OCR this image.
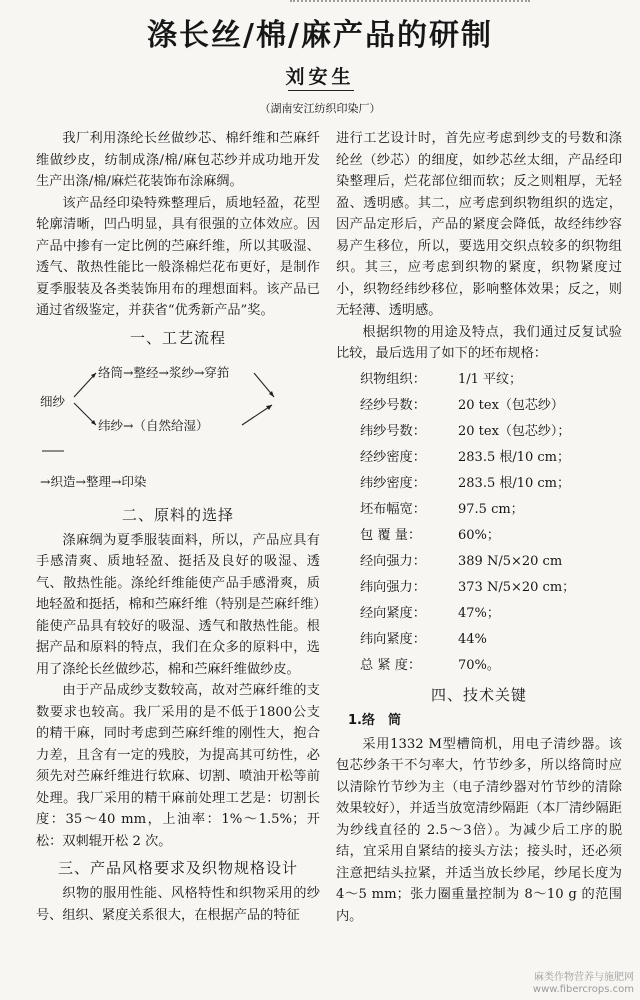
涤长丝/棉/麻产品的研制

刘安生

（湖南安江纺织印染厂）

我厂利用涤纶长丝做纱芯、棉纤维和苎麻纤维做纱皮，纺制成涤/棉/麻包芯纱并成功地开发生产出涤/棉/麻烂花装饰布涂麻绸。

该产品经印染特殊整理后，质地轻盈，花型轮廓清晰，凹凸明显，具有很强的立体效应。因产品中掺有一定比例的苎麻纤维，所以其吸湿、透气、散热性能比一般涤棉烂花布更好，是制作夏季服装及各类装饰用布的理想面料。该产品已通过省级鉴定，并获省“优秀新产品”奖。

一、工艺流程
细纱
络筒→整经→浆纱→穿筘
纬纱→（自然给湿）
→织造→整理→印染
二、原料的选择

涤麻绸为夏季服装面料，所以，产品应具有手感清爽、质地轻盈、挺括及良好的吸湿、透气、散热性能。涤纶纤维能使产品手感滑爽，质地轻盈和挺括，棉和苎麻纤维（特别是苎麻纤维）能使产品具有较好的吸湿、透气和散热性能。根据产品和原料的特点，我们在众多的原料中，选用了涤纶长丝做纱芯，棉和苎麻纤维做纱皮。

由于产品成纱支数较高，故对苎麻纤维的支数要求也较高。我厂采用的是不低于1800公支的精干麻，同时考虑到苎麻纤维的刚性大，抱合力差，且含有一定的残胶，为提高其可纺性，必须先对苎麻纤维进行软麻、切割、喷油开松等前处理。我厂采用的精干麻前处理工艺是：切割长度：35～40 mm，上油率：1%～1.5%；开松：双刺辊开松 2 次。

三、产品风格要求及织物规格设计

织物的服用性能、风格特性和织物采用的纱号、组织、紧度关系很大，在根据产品的特征

进行工艺设计时，首先应考虑到纱支的号数和涤纶丝（纱芯）的细度，如纱芯丝太细，产品经印染整理后，烂花部位细而软；反之则粗厚，无轻盈、透明感。其二，应考虑到织物组织的选定，因产品定形后，产品的紧度会降低，故经纬纱容易产生移位，所以，要选用交织点较多的织物组织。其三，应考虑到织物的紧度，织物紧度过小，织物经纬纱移位，影响整体效果；反之，则无轻薄、透明感。

根据织物的用途及特点，我们通过反复试验比较，最后选用了如下的坯布规格：

织物组织：	1/1 平纹；
经纱号数：	20 tex（包芯纱）
纬纱号数：	20 tex（包芯纱）；
经纱密度：	283.5 根/10 cm；
纬纱密度：	283.5 根/10 cm；
坯布幅宽：	97.5 cm；
包 覆 量：	60%；
经向强力：	389 N/5×20 cm
纬向强力：	373 N/5×20 cm；
经向紧度：	47%；
纬向紧度：	44%
总 紧 度：	70%。
四、技术关键
1.络　筒

采用1332 M型槽筒机，用电子清纱器。该包芯纱条干不匀率大，竹节纱多，所以络筒时应以清除竹节纱为主（电子清纱器对竹节纱的清除效果较好），并适当放宽清纱隔距（本厂清纱隔距为纱线直径的 2.5～3倍）。为减少后工序的脱结，宜采用自紧结的接头方法；接头时，还必须注意把结头拉紧，并适当放长纱尾，纱尾长度为 4～5 mm；张力圈重量控制为 8～10 g 的范围内。

麻类作物营养与施肥网
www.fibercrops.com
